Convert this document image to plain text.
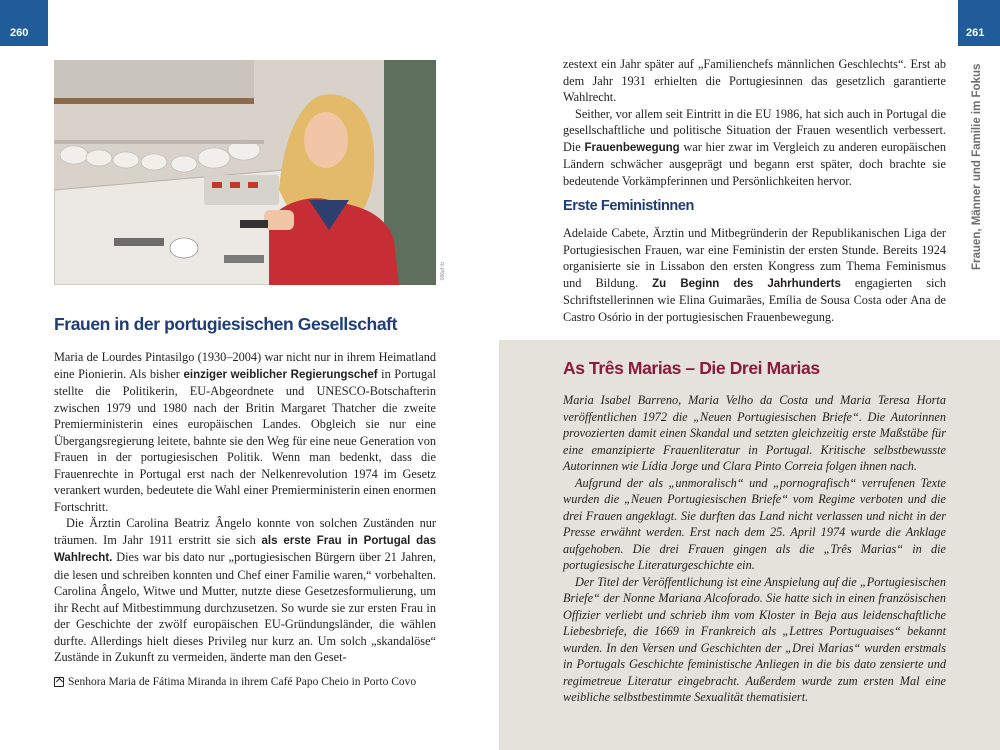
260	261
Frauen, Männer und Familie im Fokus
086pf rb
Frauen in der portugiesischen Gesellschaft

Maria de Lourdes Pintasilgo (1930–2004) war nicht nur in ihrem Heimatland eine Pionierin. Als bisher einziger weiblicher Regierungschef in Portugal stellte die Politikerin, EU-Abgeordnete und UNESCO-Botschafterin zwischen 1979 und 1980 nach der Britin Margaret Thatcher die zweite Premierministerin eines europäischen Landes. Obgleich sie nur eine Übergangsregierung leitete, bahnte sie den Weg für eine neue Generation von Frauen in der portugiesischen Politik. Wenn man bedenkt, dass die Frauenrechte in Portugal erst nach der Nelkenrevolution 1974 im Gesetz verankert wurden, bedeutete die Wahl einer Premierministerin einen enormen Fortschritt.

Die Ärztin Carolina Beatriz Ângelo konnte von solchen Zuständen nur träumen. Im Jahr 1911 erstritt sie sich als erste Frau in Portugal das Wahlrecht. Dies war bis dato nur „portugiesischen Bürgern über 21 Jahren, die lesen und schreiben konnten und Chef einer Familie waren,“ vorbehalten. Carolina Ângelo, Witwe und Mutter, nutzte diese Gesetzesformulierung, um ihr Recht auf Mitbestimmung durchzusetzen. So wurde sie zur ersten Frau in der Geschichte der zwölf europäischen EU-Gründungsländer, die wählen durfte. Allerdings hielt dieses Privileg nur kurz an. Um solch „skandalöse“ Zustände in Zukunft zu vermeiden, änderte man den Geset-

Senhora Maria de Fátima Miranda in ihrem Café Papo Cheio in Porto Covo

zestext ein Jahr später auf „Familienchefs männlichen Geschlechts“. Erst ab dem Jahr 1931 erhielten die Portugiesinnen das gesetzlich garantierte Wahlrecht.

Seither, vor allem seit Eintritt in die EU 1986, hat sich auch in Portugal die gesellschaftliche und politische Situation der Frauen wesentlich verbessert. Die Frauenbewegung war hier zwar im Vergleich zu anderen europäischen Ländern schwächer ausgeprägt und begann erst später, doch brachte sie bedeutende Vorkämpferinnen und Persönlichkeiten hervor.

Erste Feministinnen

Adelaide Cabete, Ärztin und Mitbegründerin der Republikanischen Liga der Portugiesischen Frauen, war eine Feministin der ersten Stunde. Bereits 1924 organisierte sie in Lissabon den ersten Kongress zum Thema Feminismus und Bildung. Zu Beginn des Jahrhunderts engagierten sich Schriftstellerinnen wie Elina Guimarães, Emília de Sousa Costa oder Ana de Castro Osório in der portugiesischen Frauenbewegung.

As Três Marias – Die Drei Marias

Maria Isabel Barreno, Maria Velho da Costa und Maria Teresa Horta veröffentlichen 1972 die „Neuen Portugiesischen Briefe“. Die Autorinnen provozierten damit einen Skandal und setzten gleichzeitig erste Maßstäbe für eine emanzipierte Frauenliteratur in Portugal. Kritische selbstbewusste Autorinnen wie Lídia Jorge und Clara Pinto Correia folgen ihnen nach.

Aufgrund der als „unmoralisch“ und „pornografisch“ verrufenen Texte wurden die „Neuen Portugiesischen Briefe“ vom Regime verboten und die drei Frauen angeklagt. Sie durften das Land nicht verlassen und nicht in der Presse erwähnt werden. Erst nach dem 25. April 1974 wurde die Anklage aufgehoben. Die drei Frauen gingen als die „Três Marias“ in die portugiesische Literaturgeschichte ein.

Der Titel der Veröffentlichung ist eine Anspielung auf die „Portugiesischen Briefe“ der Nonne Mariana Alcoforado. Sie hatte sich in einen französischen Offizier verliebt und schrieb ihm vom Kloster in Beja aus leidenschaftliche Liebesbriefe, die 1669 in Frankreich als „Lettres Portuguaises“ bekannt wurden. In den Versen und Geschichten der „Drei Marias“ wurden erstmals in Portugals Geschichte feministische Anliegen in die bis dato zensierte und regimetreue Literatur eingebracht. Außerdem wurde zum ersten Mal eine weibliche selbstbestimmte Sexualität thematisiert.
